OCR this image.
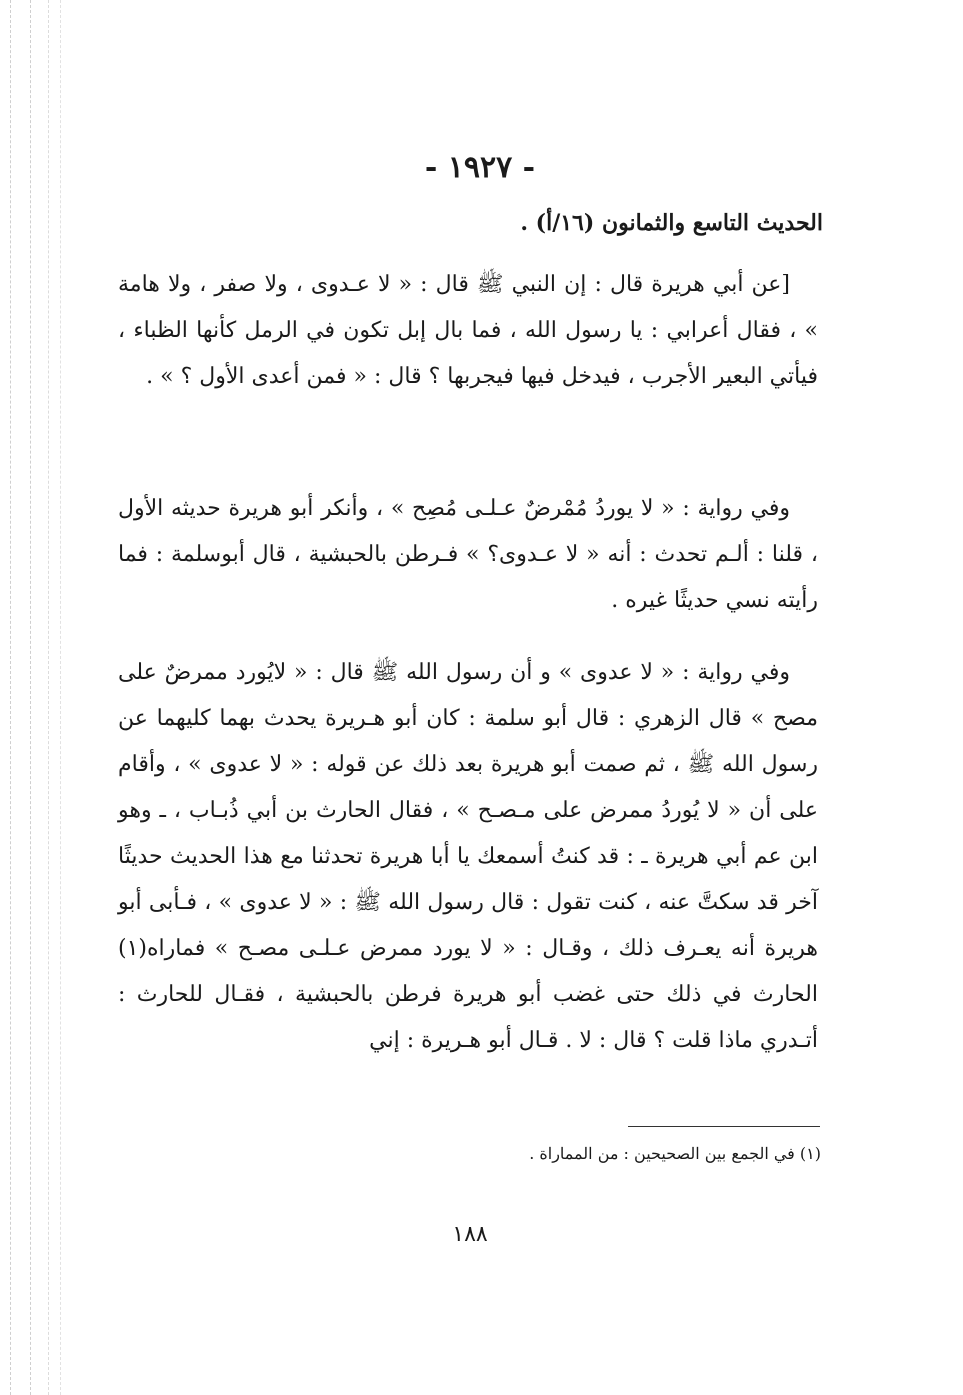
- ١٩٢٧ -
الحديث التاسع والثمانون (١٦/أ) .

[عن أبي هريرة قال : إن النبي ﷺ قال : « لا عـدوى ، ولا صفر ، ولا هامة » ، فقال أعرابي : يا رسول الله ، فما بال إبل تكون في الرمل كأنها الظباء ، فيأتي البعير الأجرب ، فيدخل فيها فيجربها ؟ قال : « فمن أعدى الأول ؟ » .

وفي رواية : « لا يوردُ مُمْرضٌ عـلـى مُصِح » ، وأنكر أبو هريرة حديثه الأول ، قلنا : ألـم تحدث : أنه « لا عـدوى؟ » فـرطن بالحبشية ، قال أبوسلمة : فما رأيته نسي حديثًا غيره .

وفي رواية : « لا عدوى » و أن رسول الله ﷺ قال : « لايُورد ممرضٌ على مصح » قال الزهري : قال أبو سلمة : كان أبو هـريرة يحدث بهما كليهما عن رسول الله ﷺ ، ثم صمت أبو هريرة بعد ذلك عن قوله : « لا عدوى » ، وأقام على أن « لا يُوردُ ممرض على مـصـح » ، فقال الحارث بن أبي ذُبـاب ، ـ وهو ابن عم أبي هريرة ـ : قد كنتُ أسمعك يا أبا هريرة تحدثنا مع هذا الحديث حديثًا آخر قد سكتَّ عنه ، كنت تقول : قال رسول الله ﷺ : « لا عدوى » ، فـأبى أبو هريرة أنه يعـرف ذلك ، وقـال : « لا يورد ممرض عـلـى مصـح » فماراه(١) الحارث في ذلك حتى غضب أبو هريرة فرطن بالحبشية ، فقـال للحارث : أتـدري ماذا قلت ؟ قال : لا . قـال أبو هـريرة : إني

(١) في الجمع بين الصحيحين : من المماراة .
١٨٨
